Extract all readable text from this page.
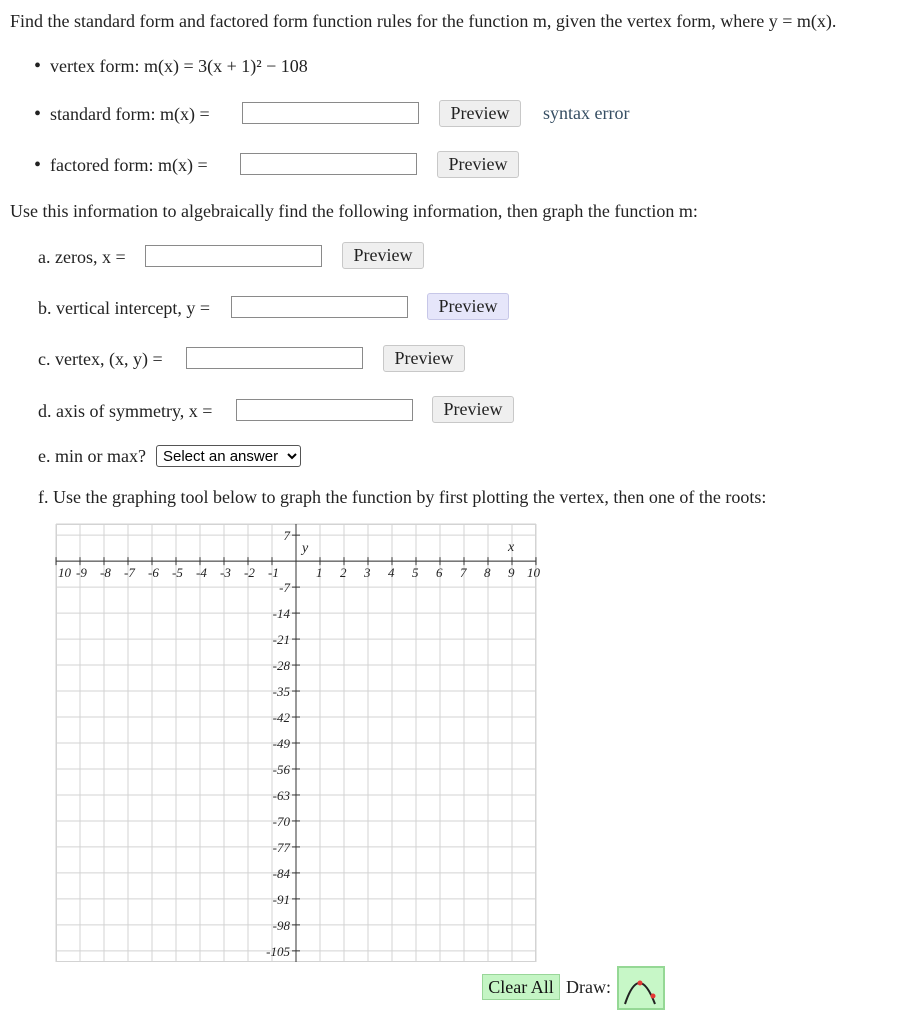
Find the standard form and factored form function rules for the function m, given the vertex form, where y = m(x).
• vertex form: m(x) = 3(x + 1)² − 108
• standard form: m(x) =	Preview	syntax error
• factored form: m(x) =	Preview
Use this information to algebraically find the following information, then graph the function m:
a. zeros, x =	Preview
b. vertical intercept, y =	Preview
c. vertex, (x, y) =	Preview
d. axis of symmetry, x =	Preview
e. min or max?
Select an answer
f. Use the graphing tool below to graph the function by first plotting the vertex, then one of the roots:
10 -9 -8 -7 -6 -5 -4 -3 -2 -1	1 2 3 4 5 6 7 8 9 10
7
-7
-14
-21
-28
-35
-42
-49
-56
-63
-70
-77
-84
-91
-98
-105
x
y
Clear All Draw:
